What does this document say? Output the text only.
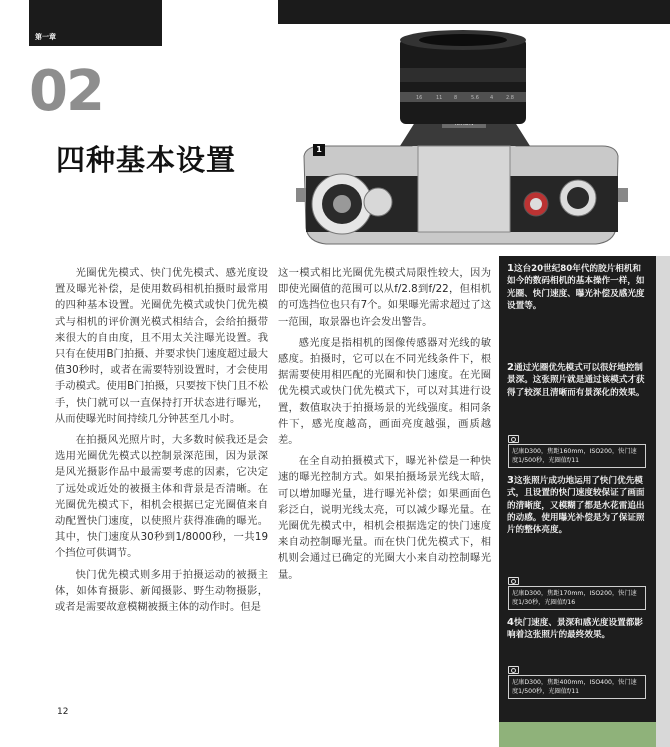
第一章
02
四种基本设置
16	11 8	5.6 4	2.8
1

光圈优先模式、快门优先模式、感光度设置及曝光补偿，是使用数码相机拍摄时最常用的四种基本设置。光圈优先模式或快门优先模式与相机的评价测光模式相结合，会给拍摄带来很大的自由度，且不用太关注曝光设置。我只有在使用B门拍摄、并要求快门速度超过最大值30秒时，或者在需要特别设置时，才会使用手动模式。使用B门拍摄，只要按下快门且不松手，快门就可以一直保持打开状态进行曝光，从而使曝光时间持续几分钟甚至几小时。

在拍摄风光照片时，大多数时候我还是会选用光圈优先模式以控制景深范围，因为景深是风光摄影作品中最需要考虑的因素，它决定了远处或近处的被摄主体和背景是否清晰。在光圈优先模式下，相机会根据已定光圈值来自动配置快门速度，以使照片获得准确的曝光。其中，快门速度从30秒到1/8000秒，一共19个挡位可供调节。

快门优先模式则多用于拍摄运动的被摄主体，如体育摄影、新闻摄影、野生动物摄影，或者是需要故意模糊被摄主体的动作时。但是

这一模式相比光圈优先模式局限性较大，因为即使光圈值的范围可以从f/2.8到f/22，但相机的可选挡位也只有7个。如果曝光需求超过了这一范围，取景器也许会发出警告。

感光度是指相机的图像传感器对光线的敏感度。拍摄时，它可以在不同光线条件下，根据需要使用相匹配的光圈和快门速度。在光圈优先模式或快门优先模式下，可以对其进行设置，数值取决于拍摄场景的光线强度。相同条件下，感光度越高，画面亮度越强，画质越差。

在全自动拍摄模式下，曝光补偿是一种快速的曝光控制方式。如果拍摄场景光线太暗，可以增加曝光量，进行曝光补偿；如果画面色彩泛白，说明光线太亮，可以减少曝光量。在光圈优先模式中，相机会根据选定的快门速度来自动控制曝光量。而在快门优先模式下，相机则会通过已确定的光圈大小来自动控制曝光量。

1这台20世纪80年代的胶片相机和如今的数码相机的基本操作一样，如光圈、快门速度、曝光补偿及感光度设置等。
2通过光圈优先模式可以很好地控制景深。这张照片就是通过该模式才获得了较深且清晰而有景深化的效果。
尼康D300，焦距160mm，ISO200，快门速度1/500秒，光圈值f/11
3这张照片成功地运用了快门优先模式，且设置的快门速度较保证了画面的清晰度，又模糊了都是水花雷追出的动感。使用曝光补偿是为了保证照片的整体亮度。
尼康D300，焦距170mm，ISO200，快门速度1/30秒，光圈值f/16
4快门速度、景深和感光度设置都影响着这张照片的最终效果。
尼康D300，焦距400mm，ISO400，快门速度1/500秒，光圈值f/11
12
